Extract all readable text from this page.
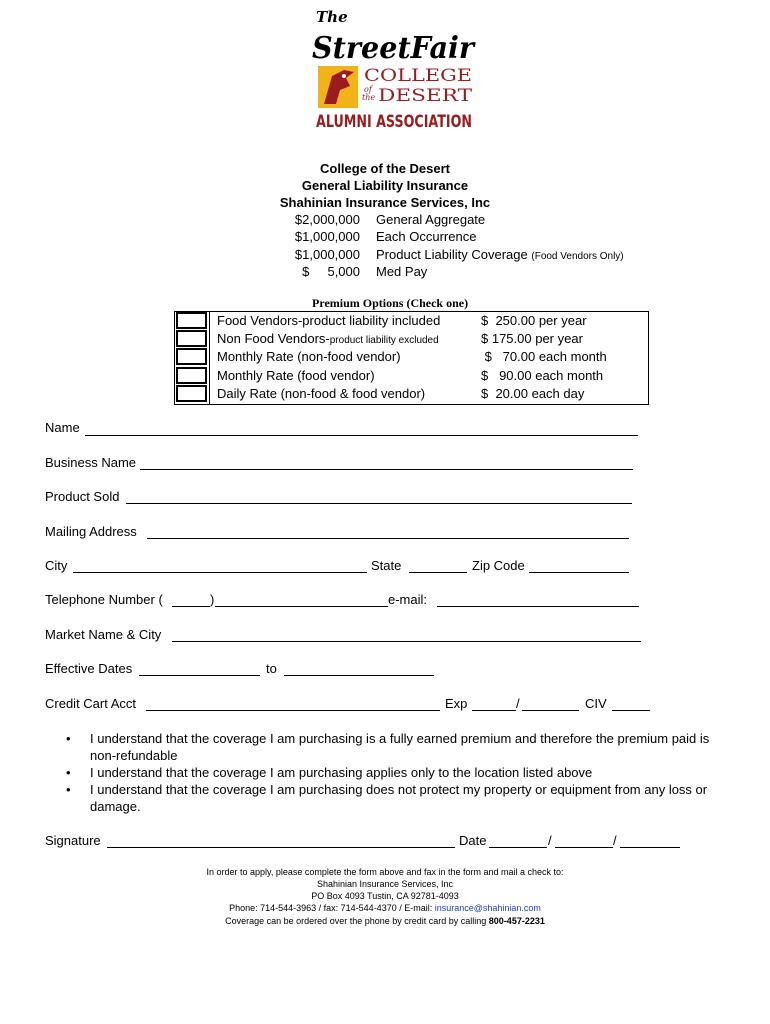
The
StreetFair
COLLEGE
of
the DESERT
ALUMNI ASSOCIATION
College of the Desert
General Liability Insurance
Shahinian Insurance Services, Inc
$2,000,000 General Aggregate
$1,000,000 Each Occurrence
$1,000,000 Product Liability Coverage (Food Vendors Only)
$     5,000 Med Pay
Premium Options (Check one)
Food Vendors-product liability included	$  250.00 per year
Non Food Vendors-product liability excluded	$ 175.00 per year
Monthly Rate (non-food vendor)	$   70.00 each month
Monthly Rate (food vendor)	$   90.00 each month
Daily Rate (non-food & food vendor)	$  20.00 each day
Name
Business Name
Product Sold
Mailing Address
City	State	Zip Code
Telephone Number (	)	e-mail:
Market Name & City
Effective Dates	to
Credit Cart Acct	Exp	/	CIV
• I understand that the coverage I am purchasing is a fully earned premium and therefore the premium paid is non-refundable
• I understand that the coverage I am purchasing applies only to the location listed above
• I understand that the coverage I am purchasing does not protect my property or equipment from any loss or damage.
Signature	Date	/	/
In order to apply, please complete the form above and fax in the form and mail a check to:
Shahinian Insurance Services, Inc
PO Box 4093 Tustin, CA 92781-4093
Phone: 714-544-3963 / fax: 714-544-4370 / E-mail: insurance@shahinian.com
Coverage can be ordered over the phone by credit card by calling 800-457-2231
